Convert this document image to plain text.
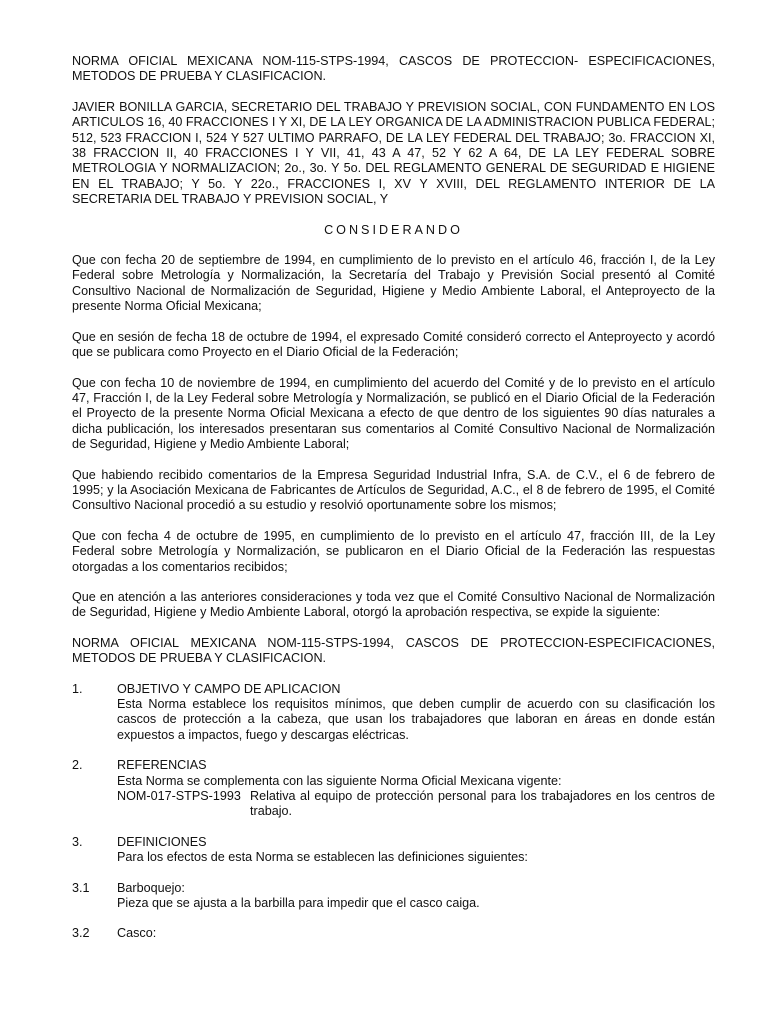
NORMA OFICIAL MEXICANA NOM-115-STPS-1994, CASCOS DE PROTECCION- ESPECIFICACIONES, METODOS DE PRUEBA Y CLASIFICACION.

JAVIER BONILLA GARCIA, SECRETARIO DEL TRABAJO Y PREVISION SOCIAL, CON FUNDAMENTO EN LOS ARTICULOS 16, 40 FRACCIONES I Y XI, DE LA LEY ORGANICA DE LA ADMINISTRACION PUBLICA FEDERAL; 512, 523 FRACCION I, 524 Y 527 ULTIMO PARRAFO, DE LA LEY FEDERAL DEL TRABAJO; 3o. FRACCION XI, 38 FRACCION II, 40 FRACCIONES I Y VII, 41, 43 A 47, 52 Y 62 A 64, DE LA LEY FEDERAL SOBRE METROLOGIA Y NORMALIZACION; 2o., 3o. Y 5o. DEL REGLAMENTO GENERAL DE SEGURIDAD E HIGIENE EN EL TRABAJO; Y 5o. Y 22o., FRACCIONES I, XV Y XVIII, DEL REGLAMENTO INTERIOR DE LA SECRETARIA DEL TRABAJO Y PREVISION SOCIAL, Y

CONSIDERANDO

Que con fecha 20 de septiembre de 1994, en cumplimiento de lo previsto en el artículo 46, fracción I, de la Ley Federal sobre Metrología y Normalización, la Secretaría del Trabajo y Previsión Social presentó al Comité Consultivo Nacional de Normalización de Seguridad, Higiene y Medio Ambiente Laboral, el Anteproyecto de la presente Norma Oficial Mexicana;

Que en sesión de fecha 18 de octubre de 1994, el expresado Comité consideró correcto el Anteproyecto y acordó que se publicara como Proyecto en el Diario Oficial de la Federación;

Que con fecha 10 de noviembre de 1994, en cumplimiento del acuerdo del Comité y de lo previsto en el artículo 47, Fracción I, de la Ley Federal sobre Metrología y Normalización, se publicó en el Diario Oficial de la Federación el Proyecto de la presente Norma Oficial Mexicana a efecto de que dentro de los siguientes 90 días naturales a dicha publicación, los interesados presentaran sus comentarios al Comité Consultivo Nacional de Normalización de Seguridad, Higiene y Medio Ambiente Laboral;

Que habiendo recibido comentarios de la Empresa Seguridad Industrial Infra, S.A. de C.V., el 6 de febrero de 1995; y la Asociación Mexicana de Fabricantes de Artículos de Seguridad, A.C., el 8 de febrero de 1995, el Comité Consultivo Nacional procedió a su estudio y resolvió oportunamente sobre los mismos;

Que con fecha 4 de octubre de 1995, en cumplimiento de lo previsto en el artículo 47, fracción III, de la Ley Federal sobre Metrología y Normalización, se publicaron en el Diario Oficial de la Federación las respuestas otorgadas a los comentarios recibidos;

Que en atención a las anteriores consideraciones y toda vez que el Comité Consultivo Nacional de Normalización de Seguridad, Higiene y Medio Ambiente Laboral, otorgó la aprobación respectiva, se expide la siguiente:

NORMA OFICIAL MEXICANA NOM-115-STPS-1994, CASCOS DE PROTECCION-ESPECIFICACIONES, METODOS DE PRUEBA Y CLASIFICACION.

1.	OBJETIVO Y CAMPO DE APLICACION

Esta Norma establece los requisitos mínimos, que deben cumplir de acuerdo con su clasificación los cascos de protección a la cabeza, que usan los trabajadores que laboran en áreas en donde están expuestos a impactos, fuego y descargas eléctricas.

2.	REFERENCIAS

Esta Norma se complementa con las siguiente Norma Oficial Mexicana vigente:

NOM-017-STPS-1993 Relativa al equipo de protección personal para los trabajadores en los centros de trabajo.
3.	DEFINICIONES

Para los efectos de esta Norma se establecen las definiciones siguientes:

3.1	Barboquejo:

Pieza que se ajusta a la barbilla para impedir que el casco caiga.

3.2	Casco:
